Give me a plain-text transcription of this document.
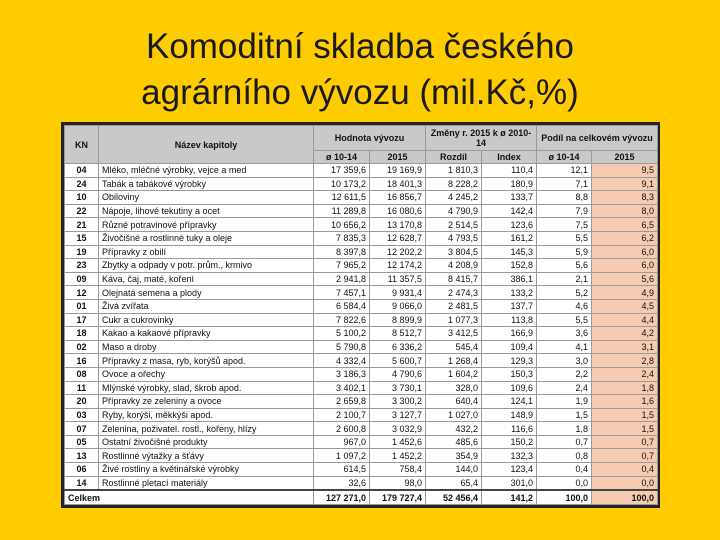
Komoditní skladba českého
agrárního vývozu (mil.Kč,%)
KN	Název kapitoly	Hodnota vývozu		Změny r. 2015 k ø 2010-14		Podíl na celkovém vývozu	
		ø 10-14	2015	Rozdíl	Index	ø 10-14	2015
04	Mléko, mléčné výrobky, vejce a med	17 359,6	19 169,9	1 810,3	110,4	12,1	9,5
24	Tabák a tabákové výrobky	10 173,2	18 401,3	8 228,2	180,9	7,1	9,1
10	Obiloviny	12 611,5	16 856,7	4 245,2	133,7	8,8	8,3
22	Nápoje, lihové tekutiny a ocet	11 289,8	16 080,6	4 790,9	142,4	7,9	8,0
21	Různé potravinové přípravky	10 656,2	13 170,8	2 514,5	123,6	7,5	6,5
15	Živočišné a rostlinné tuky a oleje	7 835,3	12 628,7	4 793,5	161,2	5,5	6,2
19	Přípravky z obilí	8 397,8	12 202,2	3 804,5	145,3	5,9	6,0
23	Zbytky a odpady v potr. prům., krmivo	7 965,2	12 174,2	4 208,9	152,8	5,6	6,0
09	Káva, čaj, maté, koření	2 941,8	11 357,5	8 415,7	386,1	2,1	5,6
12	Olejnatá semena a plody	7 457,1	9 931,4	2 474,3	133,2	5,2	4,9
01	Živá zvířata	6 584,4	9 066,0	2 481,5	137,7	4,6	4,5
17	Cukr a cukrovinky	7 822,6	8 899,9	1 077,3	113,8	5,5	4,4
18	Kakao a kakaové přípravky	5 100,2	8 512,7	3 412,5	166,9	3,6	4,2
02	Maso a droby	5 790,8	6 336,2	545,4	109,4	4,1	3,1
16	Přípravky z masa, ryb, korýšů apod.	4 332,4	5 600,7	1 268,4	129,3	3,0	2,8
08	Ovoce a ořechy	3 186,3	4 790,6	1 604,2	150,3	2,2	2,4
11	Mlýnské výrobky, slad, škrob apod.	3 402,1	3 730,1	328,0	109,6	2,4	1,8
20	Přípravky ze zeleniny a ovoce	2 659,8	3 300,2	640,4	124,1	1,9	1,6
03	Ryby, korýši, měkkýši apod.	2 100,7	3 127,7	1 027,0	148,9	1,5	1,5
07	Zelenina, poživatel. rostl., kořeny, hlízy	2 600,8	3 032,9	432,2	116,6	1,8	1,5
05	Ostatní živočišné produkty	967,0	1 452,6	485,6	150,2	0,7	0,7
13	Rostlinné výtažky a šťávy	1 097,2	1 452,2	354,9	132,3	0,8	0,7
06	Živé rostliny a květinářské výrobky	614,5	758,4	144,0	123,4	0,4	0,4
14	Rostlinné pletací materiály	32,6	98,0	65,4	301,0	0,0	0,0
Celkem		127 271,0	179 727,4	52 456,4	141,2	100,0	100,0
